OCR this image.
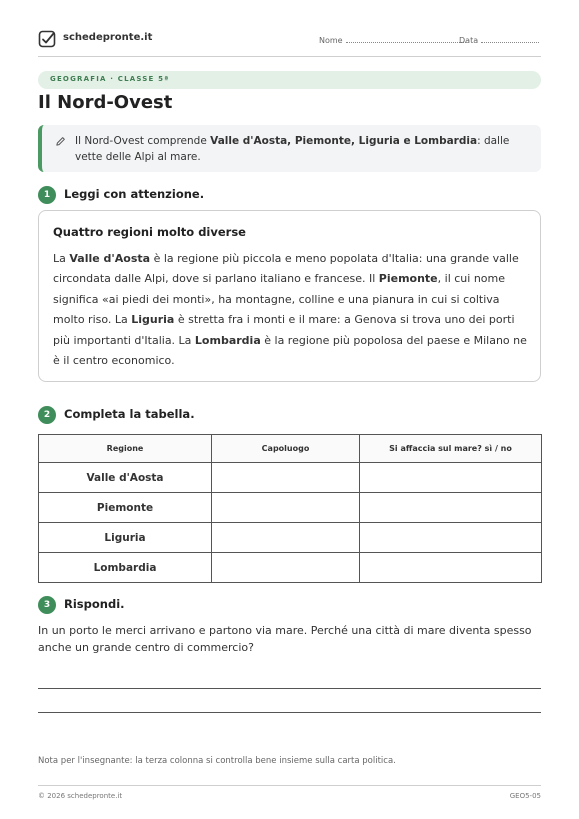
schedepronte.it	Nome	Data
GEOGRAFIA · CLASSE 5ª
Il Nord-Ovest
Il Nord-Ovest comprende Valle d'Aosta, Piemonte, Liguria e Lombardia: dalle vette delle Alpi al mare.
1	Leggi con attenzione.
Quattro regioni molto diverse
La Valle d'Aosta è la regione più piccola e meno popolata d'Italia: una grande valle circondata dalle Alpi, dove si parlano italiano e francese. Il Piemonte, il cui nome significa «ai piedi dei monti», ha montagne, colline e una pianura in cui si coltiva molto riso. La Liguria è stretta fra i monti e il mare: a Genova si trova uno dei porti più importanti d'Italia. La Lombardia è la regione più popolosa del paese e Milano ne è il centro economico.
2	Completa la tabella.
Regione	Capoluogo	Si affaccia sul mare? sì / no
Valle d'Aosta		
Piemonte		
Liguria		
Lombardia		
3	Rispondi.
In un porto le merci arrivano e partono via mare. Perché una città di mare diventa spesso anche un grande centro di commercio?
Nota per l'insegnante: la terza colonna si controlla bene insieme sulla carta politica.
© 2026 schedepronte.it	GEO5-05
